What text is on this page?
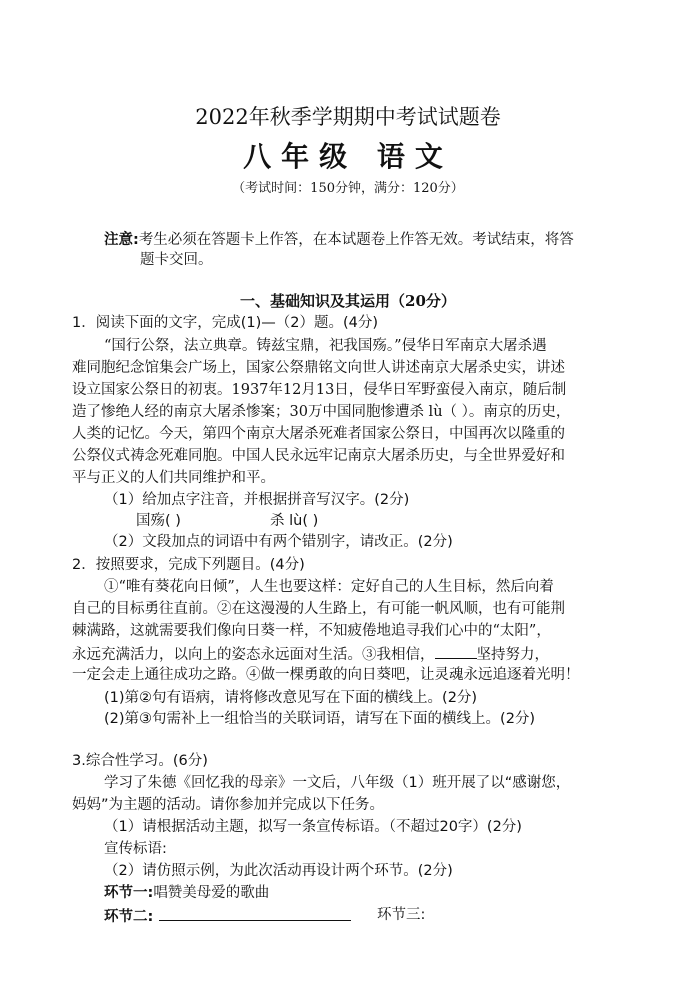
2022年秋季学期期中考试试题卷
八年级 语文
（考试时间：150分钟，满分：120分）
注意:考生必须在答题卡上作答，在本试题卷上作答无效。考试结束，将答
题卡交回。
一、基础知识及其运用（20分）
1．阅读下面的文字，完成(1)—（2）题。(4分)
“国行公祭，法立典章。铸兹宝鼎，祀我国殇。”侵华日军南京大屠杀遇
难同胞纪念馆集会广场上，国家公祭鼎铭文向世人讲述南京大屠杀史实，讲述
设立国家公祭日的初衷。1937年12月13日，侵华日军野蛮侵入南京，随后制
造了惨绝人经的南京大屠杀惨案；30万中国同胞惨遭杀 lù（ ）。南京的历史，
人类的记忆。今天，第四个南京大屠杀死难者国家公祭日，中国再次以隆重的
公祭仪式祷念死难同胞。中国人民永远牢记南京大屠杀历史，与全世界爱好和
平与正义的人们共同维护和平。
（1）给加点字注音，并根据拼音写汉字。(2分)
国殇( )	杀 lù( )
（2）文段加点的词语中有两个错别字，请改正。(2分)
2．按照要求，完成下列题目。(4分)
①“唯有葵花向日倾”，人生也要这样：定好自己的人生目标，然后向着
自己的目标勇往直前。②在这漫漫的人生路上，有可能一帆风顺，也有可能荆
棘满路，这就需要我们像向日葵一样，不知疲倦地追寻我们心中的“太阳”，
永远充满活力，以向上的姿态永远面对生活。③我相信，	坚持努力，
一定会走上通往成功之路。④做一棵勇敢的向日葵吧，让灵魂永远追逐着光明！
(1)第②句有语病，请将修改意见写在下面的横线上。(2分)
(2)第③句需补上一组恰当的关联词语，请写在下面的横线上。(2分)
3.综合性学习。(6分)
学习了朱德《回忆我的母亲》一文后，八年级（1）班开展了以“感谢您，
妈妈”为主题的活动。请你参加并完成以下任务。
（1）请根据活动主题，拟写一条宣传标语。（不超过20字）(2分)
宣传标语:
（2）请仿照示例，为此次活动再设计两个环节。(2分)
环节一:唱赞美母爱的歌曲
环节二:	环节三:
